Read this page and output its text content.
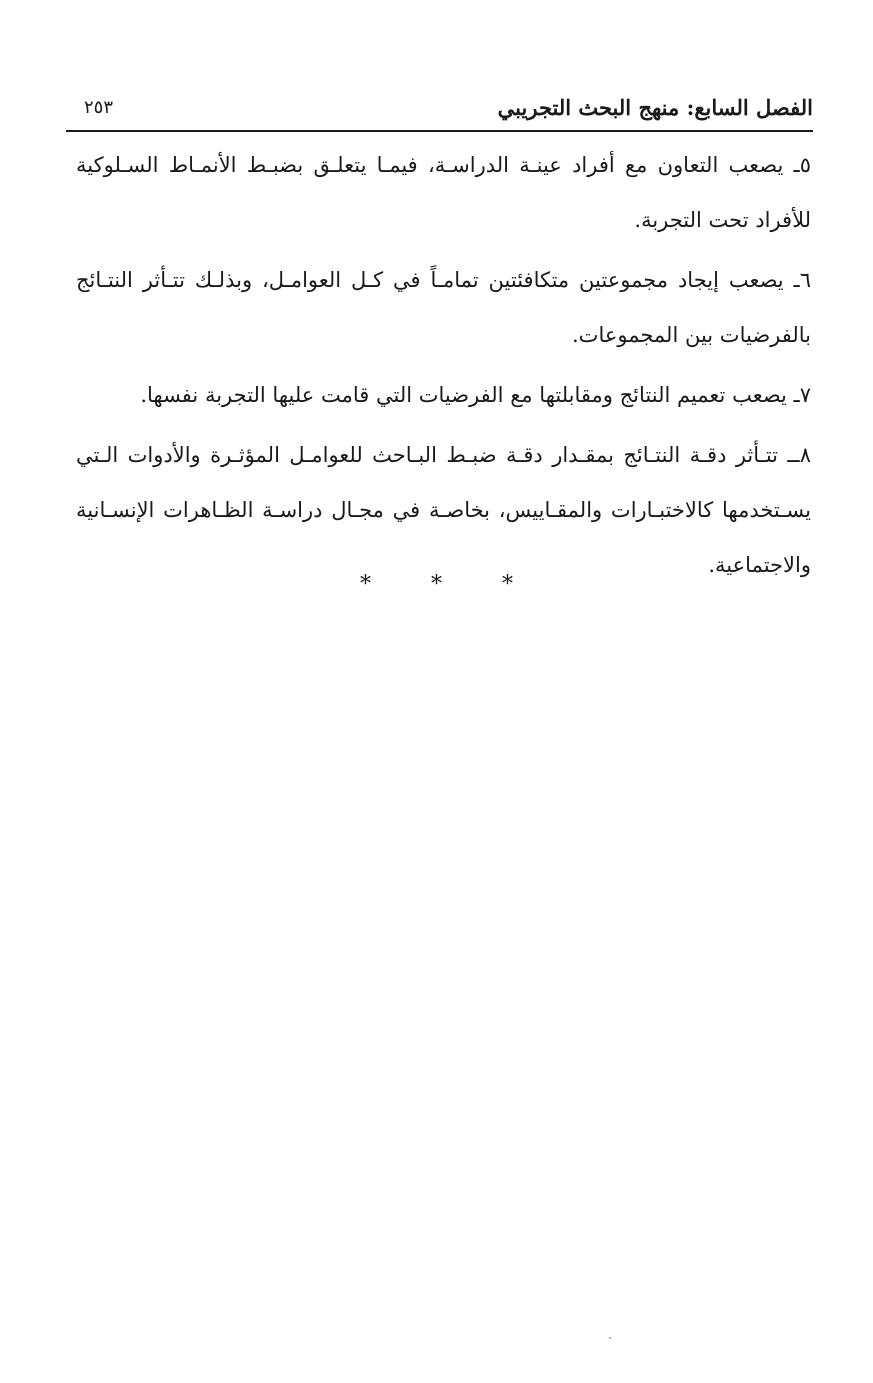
الفصل السابع: منهج البحث التجريبي
٢٥٣

٥ـ يصعب التعاون مع أفراد عينـة الدراسـة، فيمـا يتعلـق بضبـط الأنمـاط السـلوكية للأفراد تحت التجربة.

٦ـ يصعب إيجاد مجموعتين متكافئتين تمامـاً في كـل العوامـل، وبذلـك تتـأثر النتـائج بالفرضيات بين المجموعات.

٧ـ يصعب تعميم النتائج ومقابلتها مع الفرضيات التي قامت عليها التجربة نفسها.

٨ــ تتـأثر دقـة النتـائج بمقـدار دقـة ضبـط البـاحث للعوامـل المؤثـرة والأدوات الـتي يسـتخدمها كالاختبـارات والمقـاييس، بخاصـة في مجـال دراسـة الظـاهرات الإنسـانية والاجتماعية.

*	*	*
